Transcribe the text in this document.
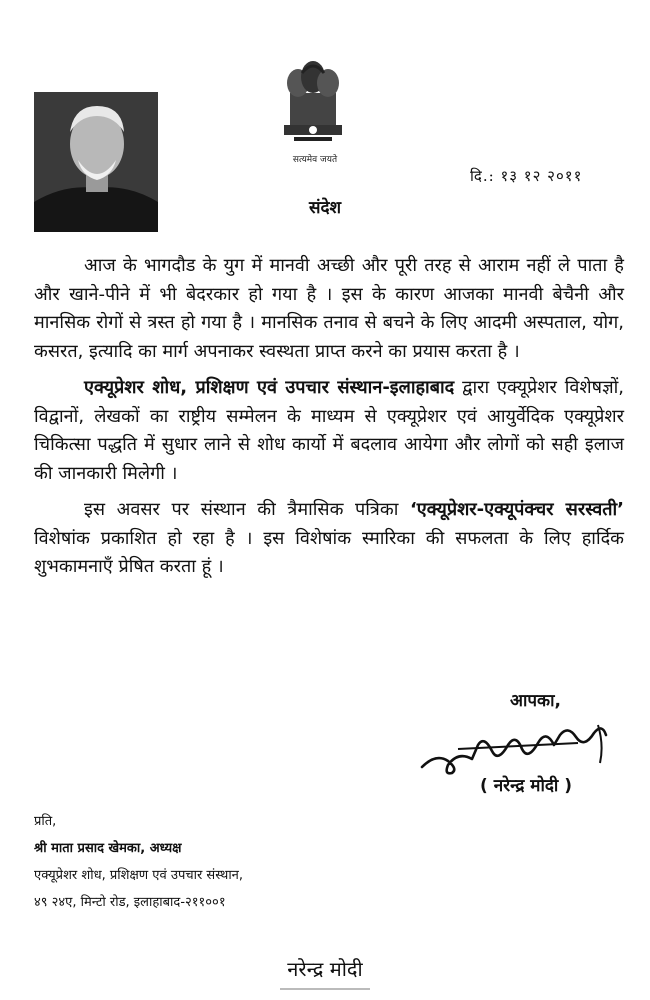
सत्यमेव जयते
दि.: १३ १२ २०११
संदेश

आज के भागदौड के युग में मानवी अच्छी और पूरी तरह से आराम नहीं ले पाता है और खाने-पीने में भी बेदरकार हो गया है । इस के कारण आजका मानवी बेचैनी और मानसिक रोगों से त्रस्त हो गया है । मानसिक तनाव से बचने के लिए आदमी अस्पताल, योग, कसरत, इत्यादि का मार्ग अपनाकर स्वस्थता प्राप्त करने का प्रयास करता है ।

एक्यूप्रेशर शोध, प्रशिक्षण एवं उपचार संस्थान-इलाहाबाद द्वारा एक्यूप्रेशर विशेषज्ञों, विद्वानों, लेखकों का राष्ट्रीय सम्मेलन के माध्यम से एक्यूप्रेशर एवं आयुर्वेदिक एक्यूप्रेशर चिकित्सा पद्धति में सुधार लाने से शोध कार्यो में बदलाव आयेगा और लोगों को सही इलाज की जानकारी मिलेगी ।

इस अवसर पर संस्थान की त्रैमासिक पत्रिका ‘एक्यूप्रेशर-एक्यूपंक्चर सरस्वती’ विशेषांक प्रकाशित हो रहा है । इस विशेषांक स्मारिका की सफलता के लिए हार्दिक शुभकामनाएँ प्रेषित करता हूं ।

आपका,
( नरेन्द्र मोदी )
प्रति,
श्री माता प्रसाद खेमका, अध्यक्ष
एक्यूप्रेशर शोध, प्रशिक्षण एवं उपचार संस्थान,
४९ २४ए, मिन्टो रोड, इलाहाबाद-२११००१
नरेन्द्र मोदी
